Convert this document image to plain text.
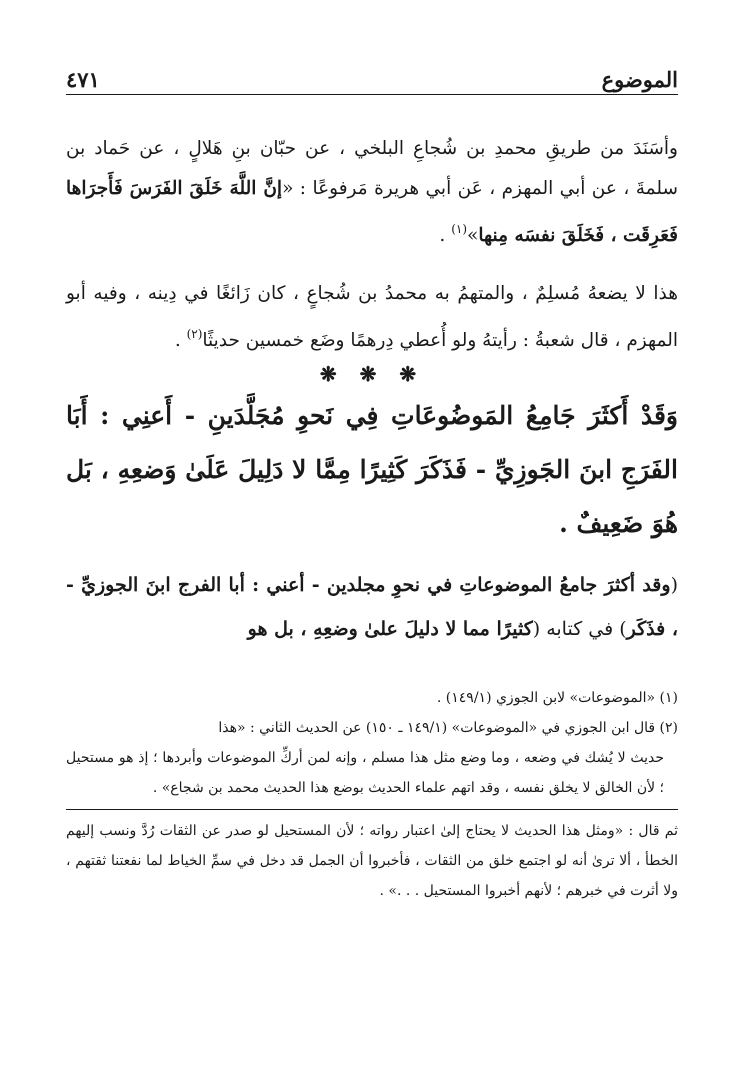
الموضوع
٤٧١

وأسَنَدَ من طريقِ محمدِ بن شُجاعِ البلخي ، عن حبّان بنِ هَلالٍ ، عن حَماد بن سلمةَ ، عن أبي المهزم ، عَن أبي هريرة مَرفوعًا : «إنَّ اللَّهَ خَلَقَ الفَرَسَ فَأَجرَاها فَعَرِقَت ، فَخَلَقَ نفسَه مِنها»$^{(١)}$ .

هذا لا يضعهُ مُسلِمٌ ، والمتهمُ به محمدُ بن شُجاعٍ ، كان زَائغًا في دِينه ، وفيه أبو المهزم ، قال شعبةُ : رأيتهُ ولو أُعطي دِرهمًا وضَع خمسين حديثًا$^{(٢)}$ .

❋ ❋ ❋

وَقَدْ أَكثَرَ جَامِعُ المَوضُوعَاتِ فِي نَحوِ مُجَلَّدَينِ - أَعنِي : أَبَا الفَرَجِ ابنَ الجَوزِيِّ - فَذَكَرَ كَثِيرًا مِمَّا لا دَلِيلَ عَلَىٰ وَضعِهِ ، بَل هُوَ ضَعِيفٌ .

(وقد أكثرَ جامعُ الموضوعاتِ في نحوِ مجلدين - أعني : أبا الفرج ابنَ الجوزيِّ - ، فذَكَر) في كتابه (كثيرًا مما لا دليلَ علىٰ وضعِهِ ، بل هو

(١) «الموضوعات» لابن الجوزي (١٤٩/١) .

(٢) قال ابن الجوزي في «الموضوعات» (١٤٩/١ ـ ١٥٠) عن الحديث الثاني : «هذا

حديث لا يُشك في وضعه ، وما وضع مثل هذا مسلم ، وإنه لمن أركِّ الموضوعات وأبردها ؛ إذ هو مستحيل ؛ لأن الخالق لا يخلق نفسه ، وقد اتهم علماء الحديث بوضع هذا الحديث محمد بن شجاع» .

ثم قال : «ومثل هذا الحديث لا يحتاج إلىٰ اعتبار رواته ؛ لأن المستحيل لو صدر عن الثقات رُدَّ ونسب إليهم الخطأ ، ألا ترىٰ أنه لو اجتمع خلق من الثقات ، فأخبروا أن الجمل قد دخل في سمِّ الخياط لما نفعتنا ثقتهم ، ولا أثرت في خبرهم ؛ لأنهم أخبروا المستحيل . . .» .
